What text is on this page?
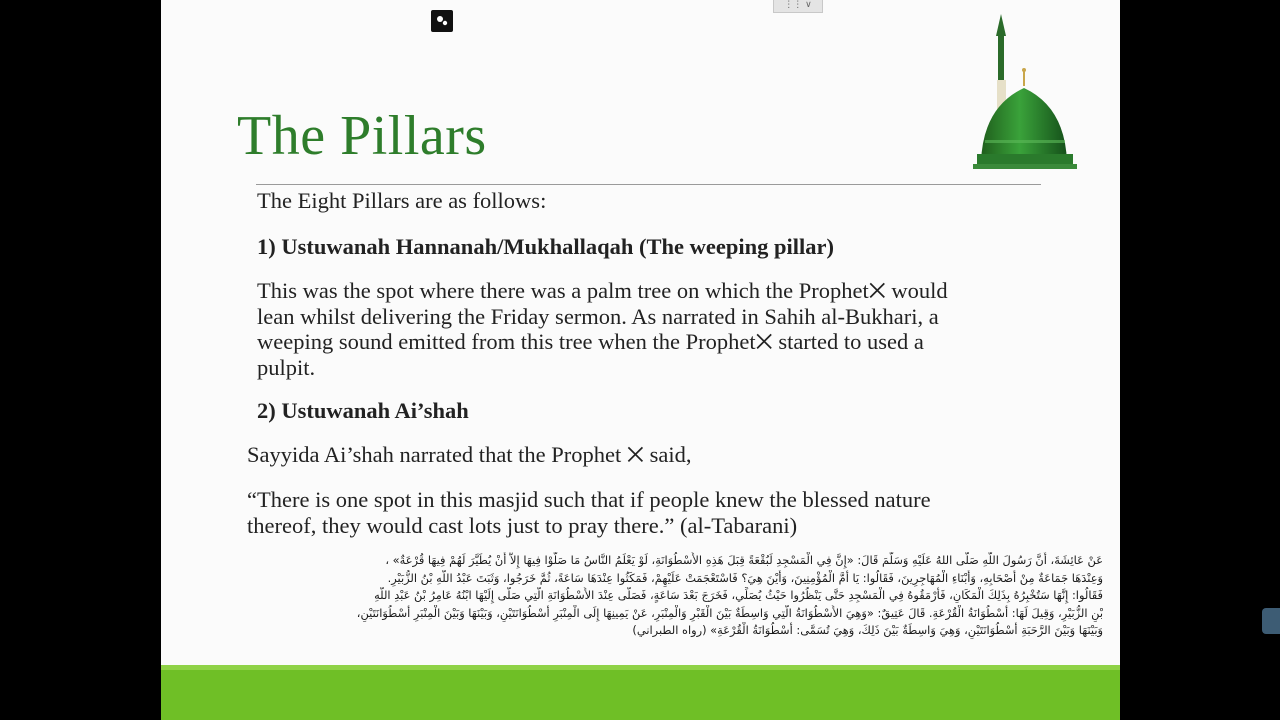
The Pillars
The Eight Pillars are as follows:
1) Ustuwanah Hannanah/Mukhallaqah (The weeping pillar)
This was the spot where there was a palm tree on which the Prophet྾ would
lean whilst delivering the Friday sermon. As narrated in Sahih al-Bukhari, a
weeping sound emitted from this tree when the Prophet྾ started to used a
pulpit.
2) Ustuwanah Ai’shah
Sayyida Ai’shah narrated that the Prophet ྾ said,
“There is one spot in this masjid such that if people knew the blessed nature
thereof, they would cast lots just to pray there.” (al-Tabarani)
عَنْ عَائِشَةَ، أَنَّ رَسُولَ اللَّهِ صَلَّى اللهُ عَلَيْهِ وَسَلَّمَ قَالَ: «إِنَّ فِي الْمَسْجِدِ لَبُقْعَةً قِبَلَ هَذِهِ الأُسْطُوَانَةِ، لَوْ يَعْلَمُ النَّاسُ مَا صَلَّوْا فِيهَا إِلاَّ أَنْ يُطَيَّرَ لَهُمْ فِيهَا قُرْعَةٌ» ،
وَعِنْدَهَا جَمَاعَةٌ مِنْ أَصْحَابِهِ، وَأَبْنَاءِ الْمُهَاجِرِينَ، فَقَالُوا: يَا أُمَّ الْمُؤْمِنِينَ، وَأَيْنَ هِيَ؟ فَاسْتَعْجَمَتْ عَلَيْهِمْ، فَمَكَثُوا عِنْدَهَا سَاعَةً، ثُمَّ خَرَجُوا، وَثَبَتَ عَبْدُ اللَّهِ بْنُ الزُّبَيْرِ.
فَقَالُوا: إِنَّهَا سَتُخْبِرُهُ بِذَلِكَ الْمَكَانِ، فَأَرْمَقُوهُ فِي الْمَسْجِدِ حَتَّى يَنْظُرُوا حَيْثُ يُصَلِّي، فَخَرَجَ بَعْدَ سَاعَةٍ، فَصَلَّى عِنْدَ الأُسْطُوَانَةِ الَّتِي صَلَّى إِلَيْهَا ابْنُهُ عَامِرُ بْنُ عَبْدِ اللَّهِ
بْنِ الزُّبَيْرِ، وَقِيلَ لَهَا: أُسْطُوَانَةُ الْقُرْعَةِ. قَالَ عَتِيقٌ: «وَهِيَ الأُسْطُوَانَةُ الَّتِي وَاسِطَةٌ بَيْنَ الْقَبْرِ وَالْمِنْبَرِ، عَنْ يَمِينِهَا إِلَى الْمِنْبَرِ أُسْطُوَانَتَيْنِ، وَبَيْنَهَا وَبَيْنَ الْمِنْبَرِ أُسْطُوَانَتَيْنِ،
وَبَيْنَهَا وَبَيْنَ الرَّحَبَةِ أُسْطُوَانَتَيْنِ، وَهِيَ وَاسِطَةٌ بَيْنَ ذَلِكَ، وَهِيَ تُسَمَّى: أُسْطُوَانَةُ الْقُرْعَةِ» (رواه الطبراني)
⋮⋮ ∨
